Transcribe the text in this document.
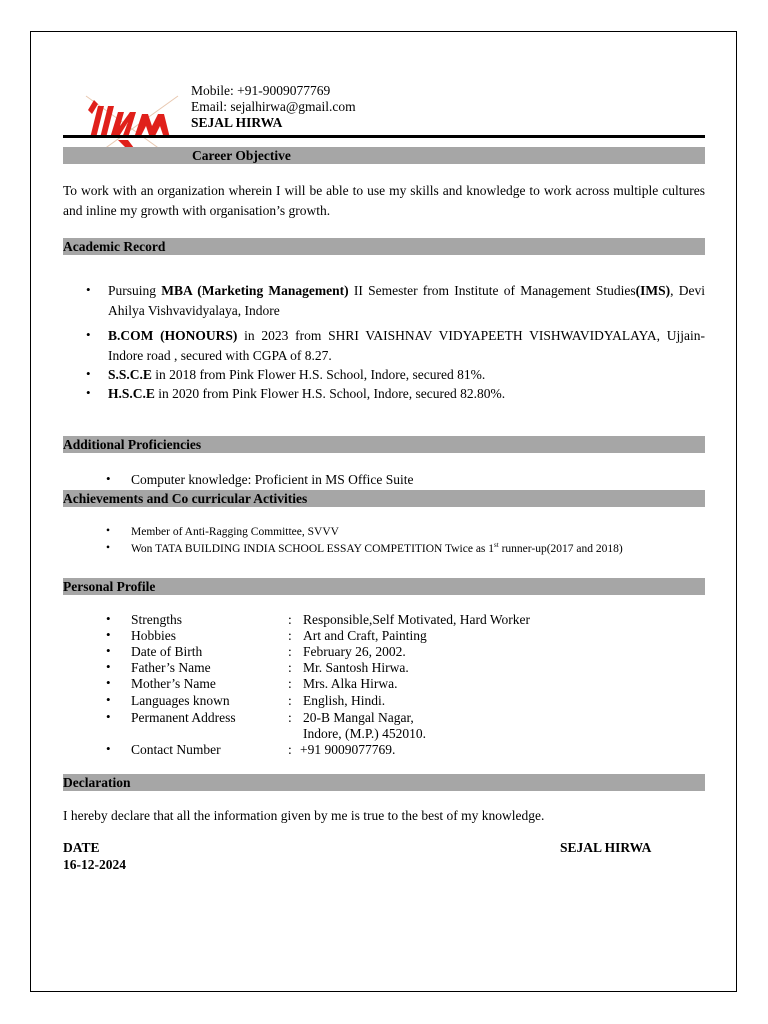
Mobile: +91-9009077769
Email: sejalhirwa@gmail.com
SEJAL HIRWA
Career Objective
To work with an organization wherein I will be able to use my skills and knowledge to work across multiple cultures and inline my growth with organisation’s growth.
Academic Record
• Pursuing MBA (Marketing Management) II Semester from Institute of Management Studies(IMS), Devi Ahilya Vishvavidyalaya, Indore
• B.COM (HONOURS) in 2023 from SHRI VAISHNAV VIDYAPEETH VISHWAVIDYALAYA, Ujjain-Indore road , secured with CGPA of 8.27.
• S.S.C.E in 2018 from Pink Flower H.S. School, Indore, secured 81%.
• H.S.C.E in 2020 from Pink Flower H.S. School, Indore, secured 82.80%.
Additional Proficiencies
• Computer knowledge: Proficient in MS Office Suite
Achievements and Co curricular Activities
• Member of Anti-Ragging Committee, SVVV
• Won TATA BUILDING INDIA SCHOOL ESSAY COMPETITION Twice as 1st runner-up(2017 and 2018)
Personal Profile
• Strengths	: Responsible,Self Motivated, Hard Worker
• Hobbies	: Art and Craft, Painting
• Date of Birth	: February 26, 2002.
• Father’s Name	: Mr. Santosh Hirwa.
• Mother’s Name	: Mrs. Alka Hirwa.
• Languages known	: English, Hindi.
• Permanent Address	: 20-B Mangal Nagar,
Indore, (M.P.) 452010.
• Contact Number	: +91 9009077769.
Declaration
I hereby declare that all the information given by me is true to the best of my knowledge.
DATE
16-12-2024
SEJAL HIRWA
